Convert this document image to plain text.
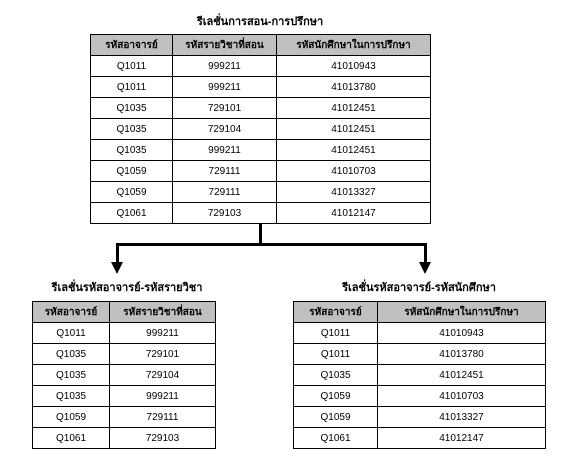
รีเลชั่นการสอน-การปรึกษา
รหัสอาจารย์	รหัสรายวิชาที่สอน	รหัสนักศึกษาในการปรึกษา
Q1011	999211	41010943
Q1011	999211	41013780
Q1035	729101	41012451
Q1035	729104	41012451
Q1035	999211	41012451
Q1059	729111	41010703
Q1059	729111	41013327
Q1061	729103	41012147
รีเลชั่นรหัสอาจารย์-รหัสรายวิชา
รหัสอาจารย์	รหัสรายวิชาที่สอน
Q1011	999211
Q1035	729101
Q1035	729104
Q1035	999211
Q1059	729111
Q1061	729103
รีเลชั่นรหัสอาจารย์-รหัสนักศึกษา
รหัสอาจารย์	รหัสนักศึกษาในการปรึกษา
Q1011	41010943
Q1011	41013780
Q1035	41012451
Q1059	41010703
Q1059	41013327
Q1061	41012147
